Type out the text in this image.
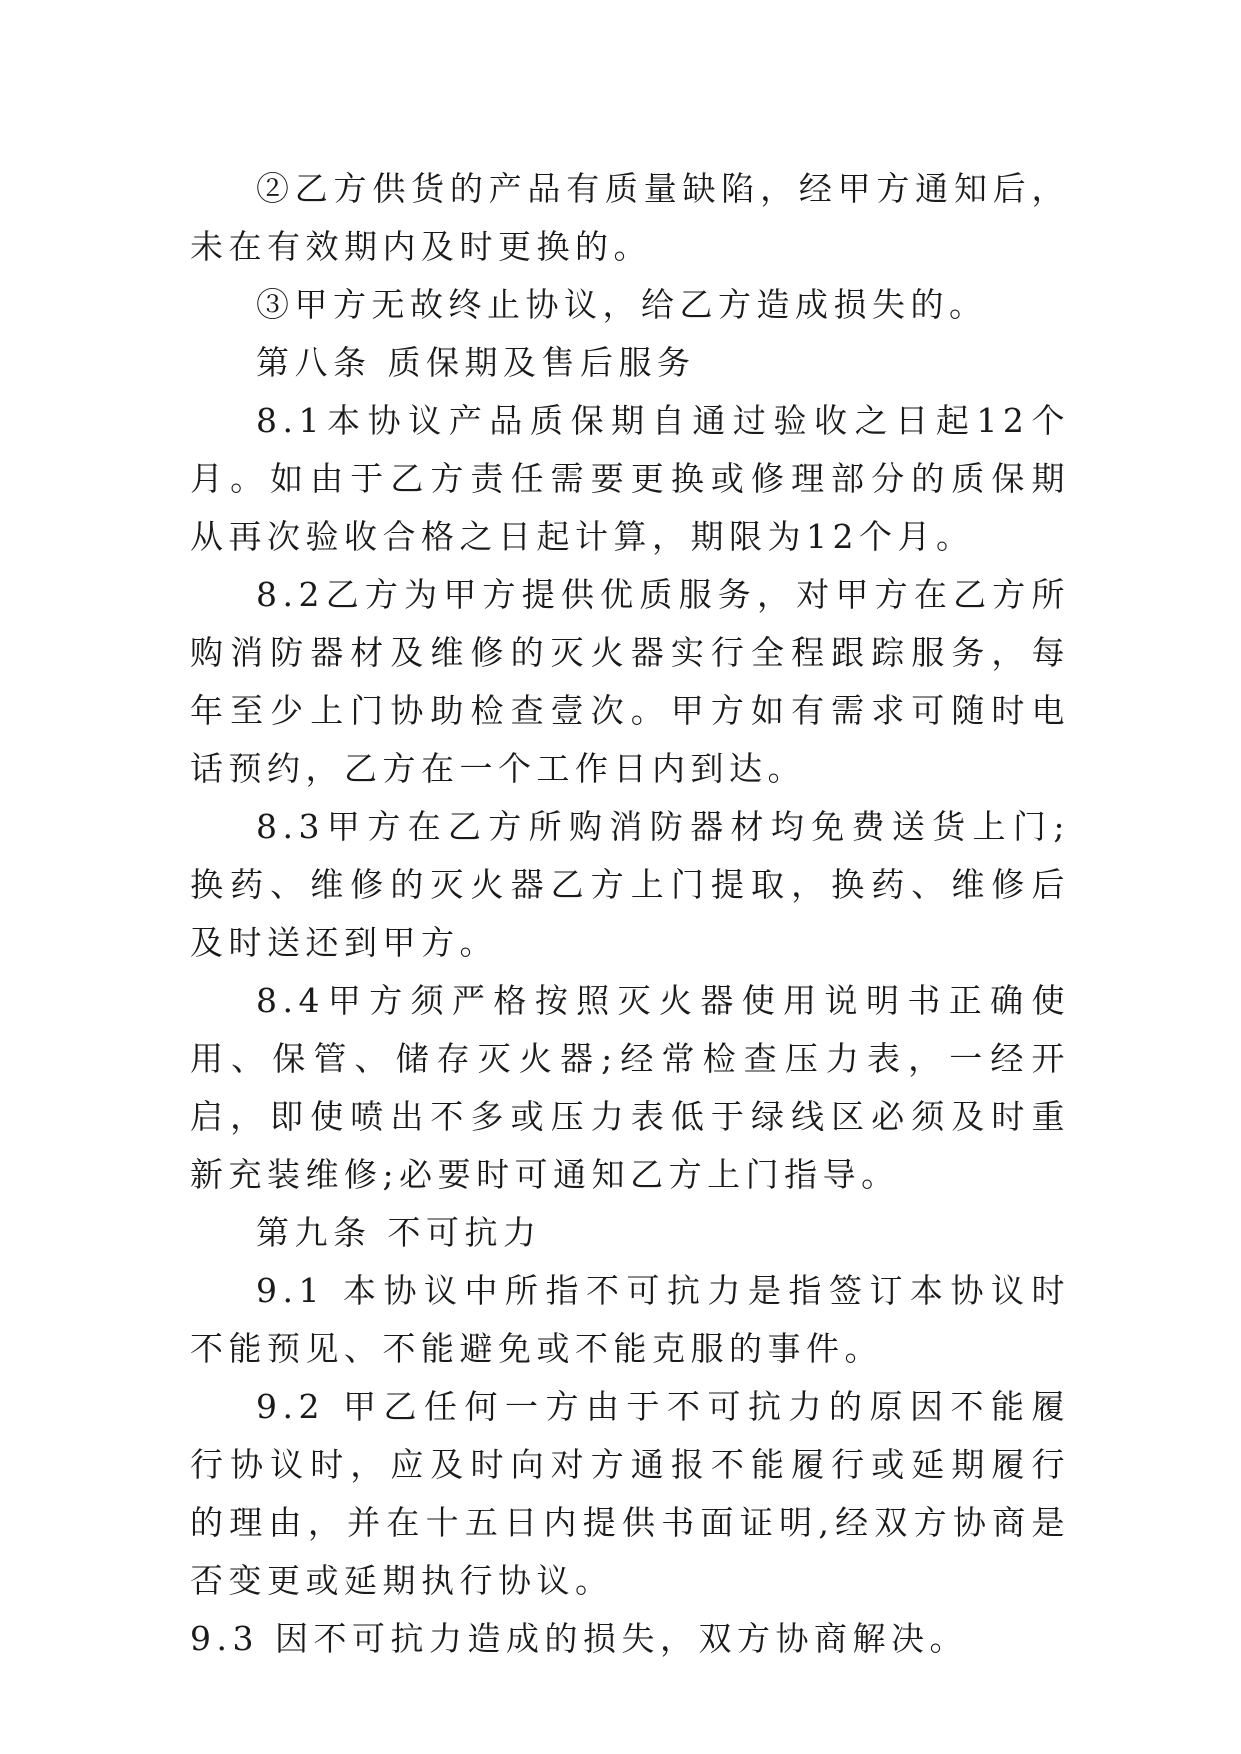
②乙方供货的产品有质量缺陷，经甲方通知后，未在有效期内及时更换的。

③甲方无故终止协议，给乙方造成损失的。

第八条 质保期及售后服务

8.1本协议产品质保期自通过验收之日起12个月。如由于乙方责任需要更换或修理部分的质保期从再次验收合格之日起计算，期限为12个月。

8.2乙方为甲方提供优质服务，对甲方在乙方所购消防器材及维修的灭火器实行全程跟踪服务，每年至少上门协助检查壹次。甲方如有需求可随时电话预约，乙方在一个工作日内到达。

8.3甲方在乙方所购消防器材均免费送货上门;换药、维修的灭火器乙方上门提取，换药、维修后及时送还到甲方。

8.4甲方须严格按照灭火器使用说明书正确使用、保管、储存灭火器;经常检查压力表，一经开启，即使喷出不多或压力表低于绿线区必须及时重新充装维修;必要时可通知乙方上门指导。

第九条 不可抗力

9.1 本协议中所指不可抗力是指签订本协议时不能预见、不能避免或不能克服的事件。

9.2 甲乙任何一方由于不可抗力的原因不能履行协议时，应及时向对方通报不能履行或延期履行的理由，并在十五日内提供书面证明,经双方协商是否变更或延期执行协议。

9.3 因不可抗力造成的损失，双方协商解决。
